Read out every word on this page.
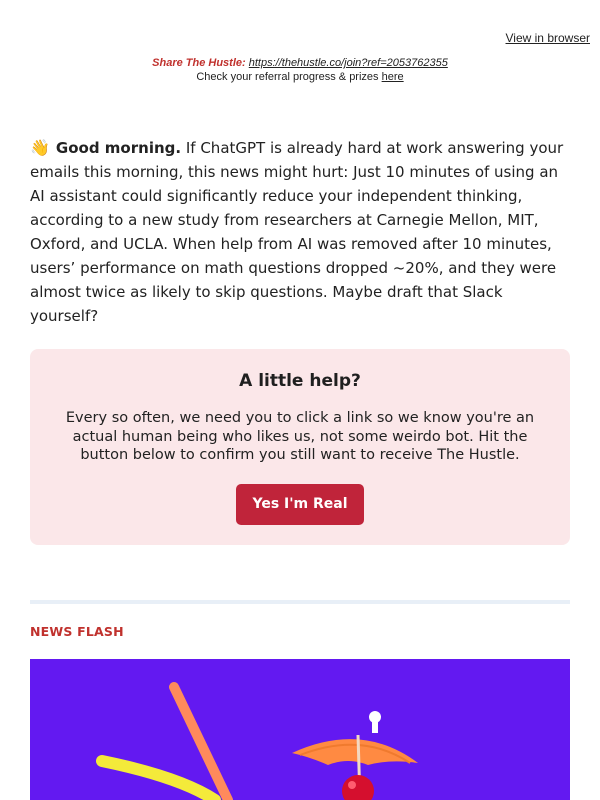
View in browser
Share The Hustle: https://thehustle.co/join?ref=2053762355
Check your referral progress & prizes here
👋 Good morning. If ChatGPT is already hard at work answering your emails this morning, this news might hurt: Just 10 minutes of using an AI assistant could significantly reduce your independent thinking, according to a new study from researchers at Carnegie Mellon, MIT, Oxford, and UCLA. When help from AI was removed after 10 minutes, users’ performance on math questions dropped ~20%, and they were almost twice as likely to skip questions. Maybe draft that Slack yourself?
A little help?
Every so often, we need you to click a link so we know you're an actual human being who likes us, not some weirdo bot. Hit the button below to confirm you still want to receive The Hustle.
Yes I'm Real
NEWS FLASH
